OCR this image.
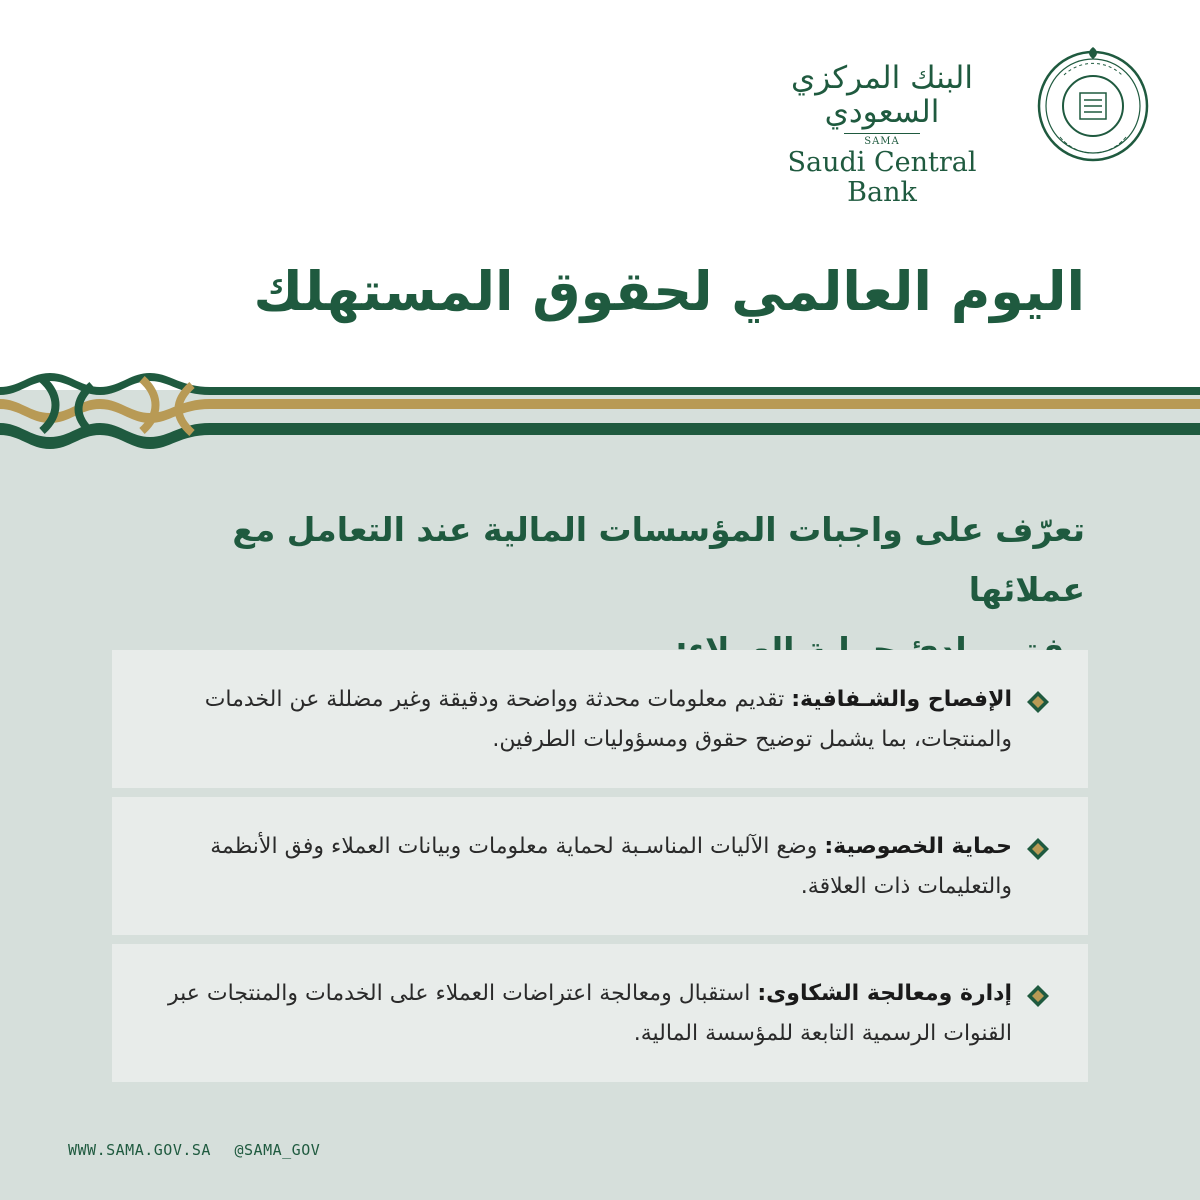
البنك المركزي السعودي
SAMA
Saudi Central Bank
اليوم العالمي لحقوق المستهلك
تعرّف على واجبات المؤسسات المالية عند التعامل مع عملائها
الإفصاح والشـفافية: تقديم معلومات محدثة وواضحة ودقيقة وغير مضللة عن الخدمات والمنتجات، بما يشمل توضيح حقوق ومسؤوليات الطرفين.
حماية الخصوصية: وضع الآليات المناسـبة لحماية معلومات وبيانات العملاء وفق الأنظمة والتعليمات ذات العلاقة.
إدارة ومعالجة الشكاوى: استقبال ومعالجة اعتراضات العملاء على الخدمات والمنتجات عبر القنوات الرسمية التابعة للمؤسسة المالية.
WWW.SAMA.GOV.SA @SAMA_GOV
